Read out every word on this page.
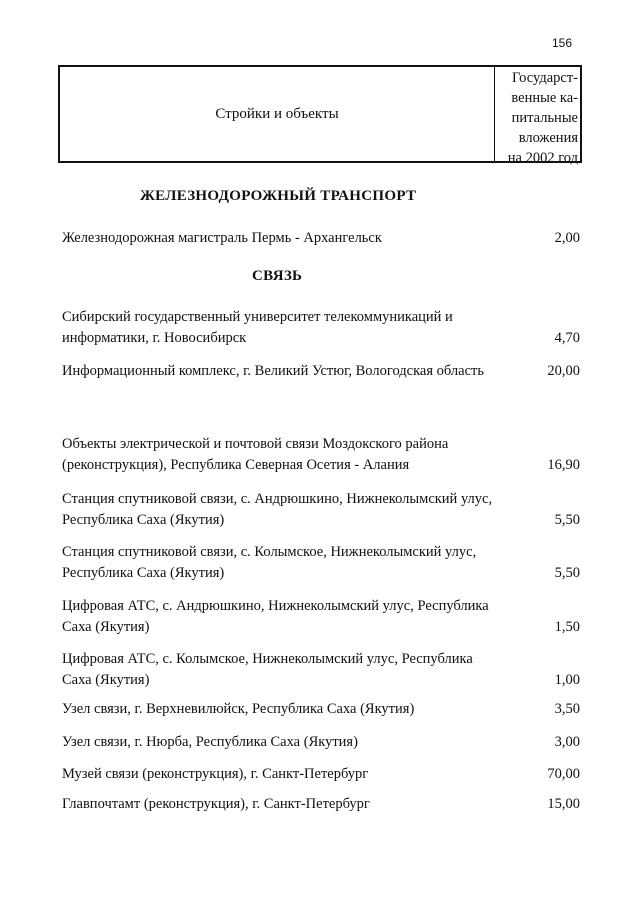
156
Стройки и объекты
Государст-
венные ка-
питальные
вложения
на 2002 год
ЖЕЛЕЗНОДОРОЖНЫЙ ТРАНСПОРТ
Железнодорожная магистраль Пермь - Архангельск	2,00
СВЯЗЬ
Сибирский государственный университет телекоммуникаций и информатики, г. Новосибирск	4,70
Информационный комплекс, г. Великий Устюг, Вологодская область	20,00
Объекты электрической и почтовой связи Моздокского района (реконструкция), Республика Северная Осетия - Алания	16,90
Станция спутниковой связи, с. Андрюшкино, Нижнеколымский улус, Республика Саха (Якутия)	5,50
Станция спутниковой связи, с. Колымское, Нижнеколымский улус, Республика Саха (Якутия)	5,50
Цифровая АТС, с. Андрюшкино, Нижнеколымский улус, Республика Саха (Якутия)	1,50
Цифровая АТС, с. Колымское, Нижнеколымский улус, Республика Саха (Якутия)	1,00
Узел связи, г. Верхневилюйск, Республика Саха (Якутия)	3,50
Узел связи, г. Нюрба, Республика Саха (Якутия)	3,00
Музей связи (реконструкция), г. Санкт-Петербург	70,00
Главпочтамт (реконструкция), г. Санкт-Петербург	15,00
